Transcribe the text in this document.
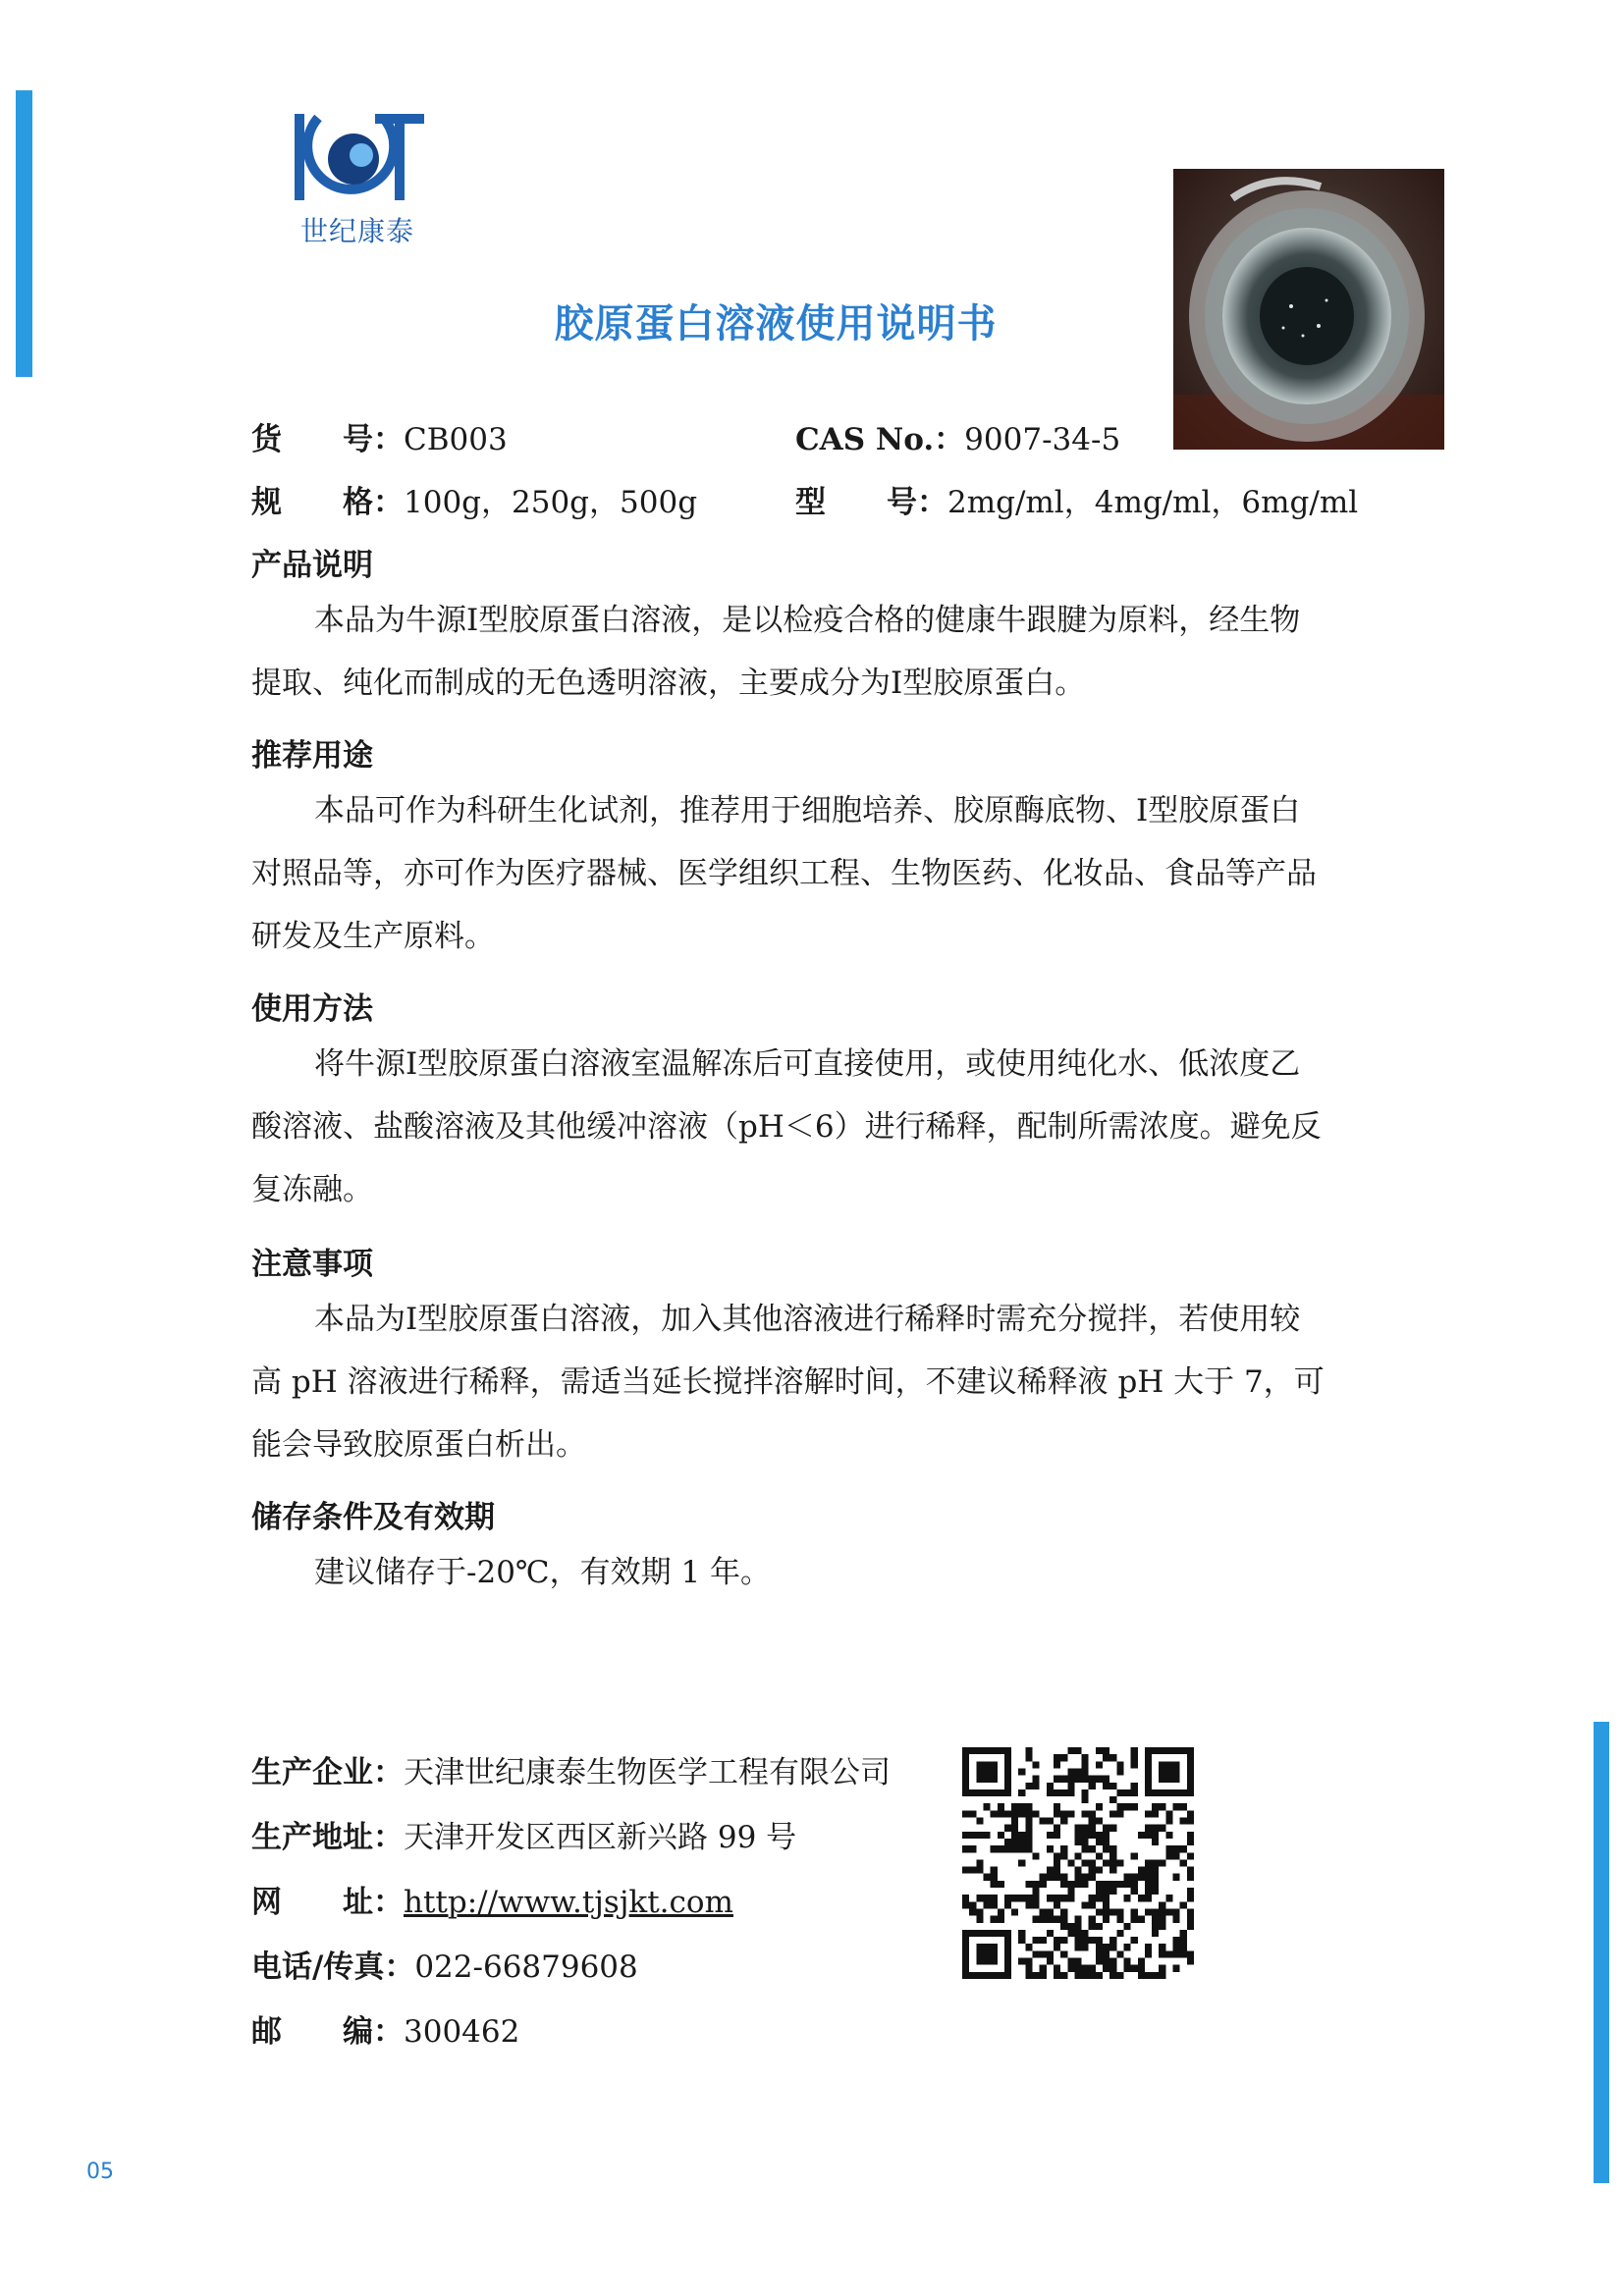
世纪康泰
胶原蛋白溶液使用说明书
货　　号：CB003	CAS No.：9007-34-5
规　　格：100g，250g，500g	型　　号：2mg/ml，4mg/ml，6mg/ml
产品说明
本品为牛源Ⅰ型胶原蛋白溶液，是以检疫合格的健康牛跟腱为原料，经生物
提取、纯化而制成的无色透明溶液，主要成分为Ⅰ型胶原蛋白。
推荐用途
本品可作为科研生化试剂，推荐用于细胞培养、胶原酶底物、Ⅰ型胶原蛋白
对照品等，亦可作为医疗器械、医学组织工程、生物医药、化妆品、食品等产品
研发及生产原料。
使用方法
将牛源Ⅰ型胶原蛋白溶液室温解冻后可直接使用，或使用纯化水、低浓度乙
酸溶液、盐酸溶液及其他缓冲溶液（pH＜6）进行稀释，配制所需浓度。避免反
复冻融。
注意事项
本品为Ⅰ型胶原蛋白溶液，加入其他溶液进行稀释时需充分搅拌，若使用较
高 pH 溶液进行稀释，需适当延长搅拌溶解时间，不建议稀释液 pH 大于 7，可
能会导致胶原蛋白析出。
储存条件及有效期
建议储存于-20℃，有效期 1 年。
生产企业：天津世纪康泰生物医学工程有限公司
生产地址：天津开发区西区新兴路 99 号
网　　址：http://www.tjsjkt.com
电话/传真：022-66879608
邮　　编：300462
05
